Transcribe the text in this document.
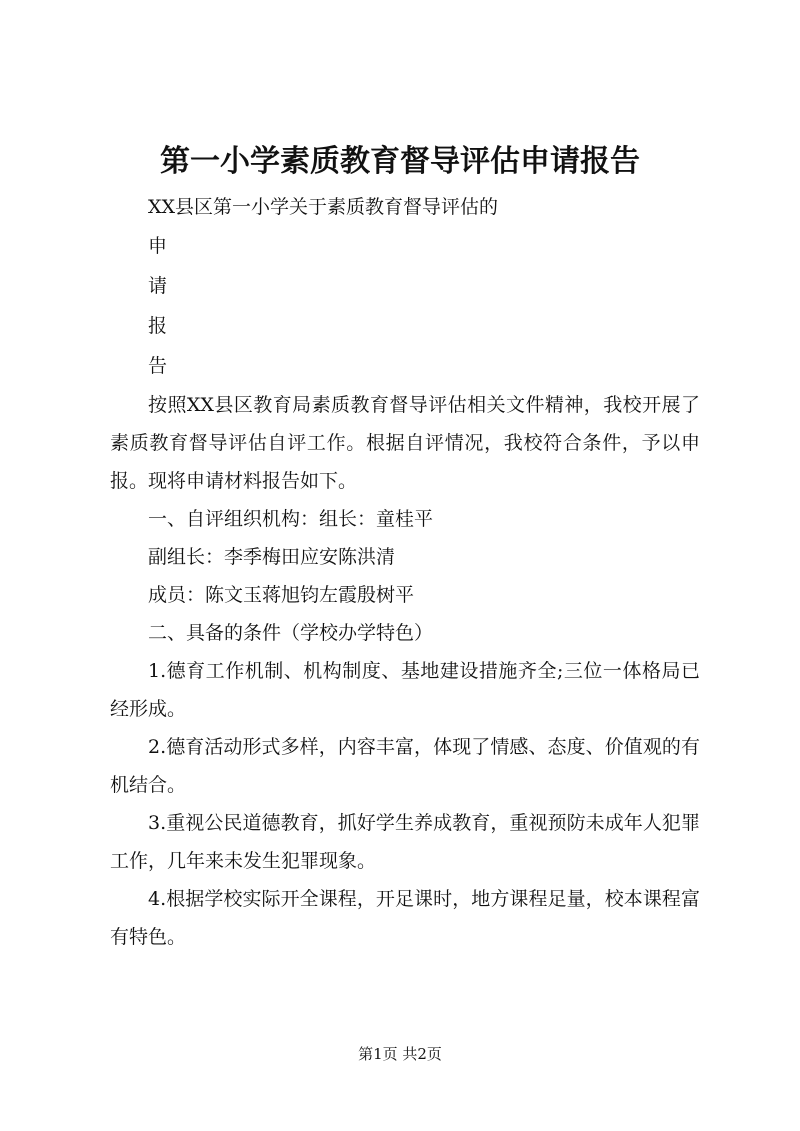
第一小学素质教育督导评估申请报告

XX县区第一小学关于素质教育督导评估的

申

请

报

告

按照XX县区教育局素质教育督导评估相关文件精神，我校开展了素质教育督导评估自评工作。根据自评情况，我校符合条件，予以申报。现将申请材料报告如下。

一、自评组织机构：组长：童桂平

副组长：李季梅田应安陈洪清

成员：陈文玉蒋旭钧左霞殷树平

二、具备的条件（学校办学特色）

1.德育工作机制、机构制度、基地建设措施齐全;三位一体格局已经形成。

2.德育活动形式多样，内容丰富，体现了情感、态度、价值观的有机结合。

3.重视公民道德教育，抓好学生养成教育，重视预防未成年人犯罪工作，几年来未发生犯罪现象。

4.根据学校实际开全课程，开足课时，地方课程足量，校本课程富有特色。

第1页 共2页
